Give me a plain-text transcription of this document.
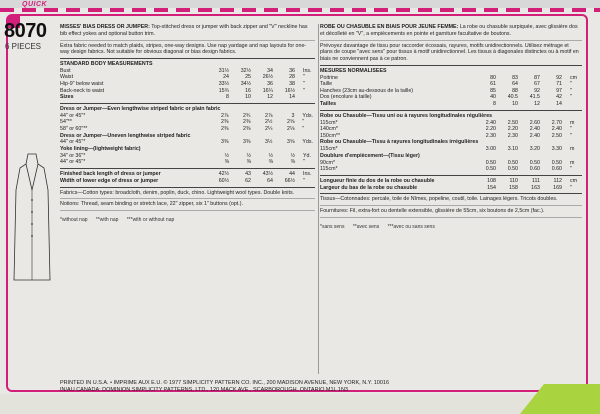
QUICK
8070
6 PIECES
MISSES' BIAS DRESS OR JUMPER: Top-stitched dress or jumper with back zipper and "V" neckline has bib effect yokes and optional button trim.
Extra fabric needed to match plaids, stripes, one-way designs. Use nap yardage and nap layouts for one-way design fabrics. Not suitable for obvious diagonal or bias design fabrics.
STANDARD BODY MEASUREMENTS
Bust	31½	32½	34	36	Ins.
Waist	24	25	26½	28	"
Hip-9" below waist	33½	34½	36	38	"
Back-neck to waist	15¾	16	16¼	16½	"
Sizes	8	10	12	14	
Dress or Jumper—Even lengthwise striped fabric or plain fabric
44" or 45"*	2⅞	2¾	2⅞	3	Yds.
54"**	2⅜	2⅜	2½	2⅝	"
58" or 60"**	2⅜	2⅜	2¼	2⅛	"
Dress or Jumper—Uneven lengthwise striped fabric
44" or 45"*	3⅜	3⅜	3½	3⅝	Yds.
Yoke lining—(lightweight fabric)
34" or 36"*	½	½	½	½	Yd.
44" or 45"*	⅜	⅜	⅜	⅜	"
Finished back length of dress or jumper	42½	43	43½	44	Ins.
Width of lower edge of dress or jumper	60½	62	64	66½	"
Fabrics—Cotton types: broadcloth, denim, poplin, duck, chino. Lightweight wool types. Double knits.
Notions: Thread, seam binding or stretch lace, 22" zipper, six 1" buttons (opt.).
*without nap **with nap ***with or without nap
ROBE OU CHASUBLE EN BIAIS POUR JEUNE FEMME: La robe ou chasuble surpiquée, avec glissière dos et décolleté en "V", a empiècements en pointe et garniture facultative de boutons.
Prévoyez davantage de tissu pour raccorder écossais, rayures, motifs unidirectionnels. Utilisez métrage et plans de coupe "avec sens" pour tissus à motif unidirectionnel. Les tissus à diagonales distinctes ou à motif en biais ne conviennent pas à ce patron.
MESURES NORMALISEES
Poitrine	80	83	87	92	cm
Taille	61	64	67	71	"
Hanches (23cm au-dessous de la taille)	85	88	92	97	"
Dos (encolure à taille)	40	40.5	41.5	42	"
Tailles	8	10	12	14	
Robe ou Chasuble—Tissu uni ou à rayures longitudinales régulières
115cm*	2.40	2.50	2.60	2.70	m
140cm*	2.20	2.20	2.40	2.40	"
150cm**	2.30	2.30	2.40	2.50	"
Robe ou Chasuble—Tissu à rayures longitudinales irrégulières
115cm*	3.00	3.10	3.20	3.30	m
Doublure d'empiècement—(Tissu léger)
90cm*	0.50	0.50	0.50	0.50	m
115cm*	0.50	0.50	0.60	0.60	"
Longueur finie du dos de la robe ou chasuble	108	110	111	112	cm
Largeur du bas de la robe ou chasuble	154	158	163	169	"
Tissus—Cotonnades: percale, toile de Nîmes, popeline, coutil, toile. Lainages légers. Tricots doubles.
Fournitures: Fil, extra-fort ou dentelle extensible, glissière de 55cm, six boutons de 2,5cm (fac.).
*sans sens **avec sens ***avec ou sans sens
PRINTED IN U.S.A. • IMPRIME AUX E.U. © 1977 SIMPLICITY PATTERN CO. INC., 200 MADISON AVENUE, NEW YORK, N.Y. 10016
IN/AU CANADA: DOMINION SIMPLICITY PATTERNS, LTD., 120 MACK AVE., SCARBOROUGH, ONTARIO M1L 1N3
